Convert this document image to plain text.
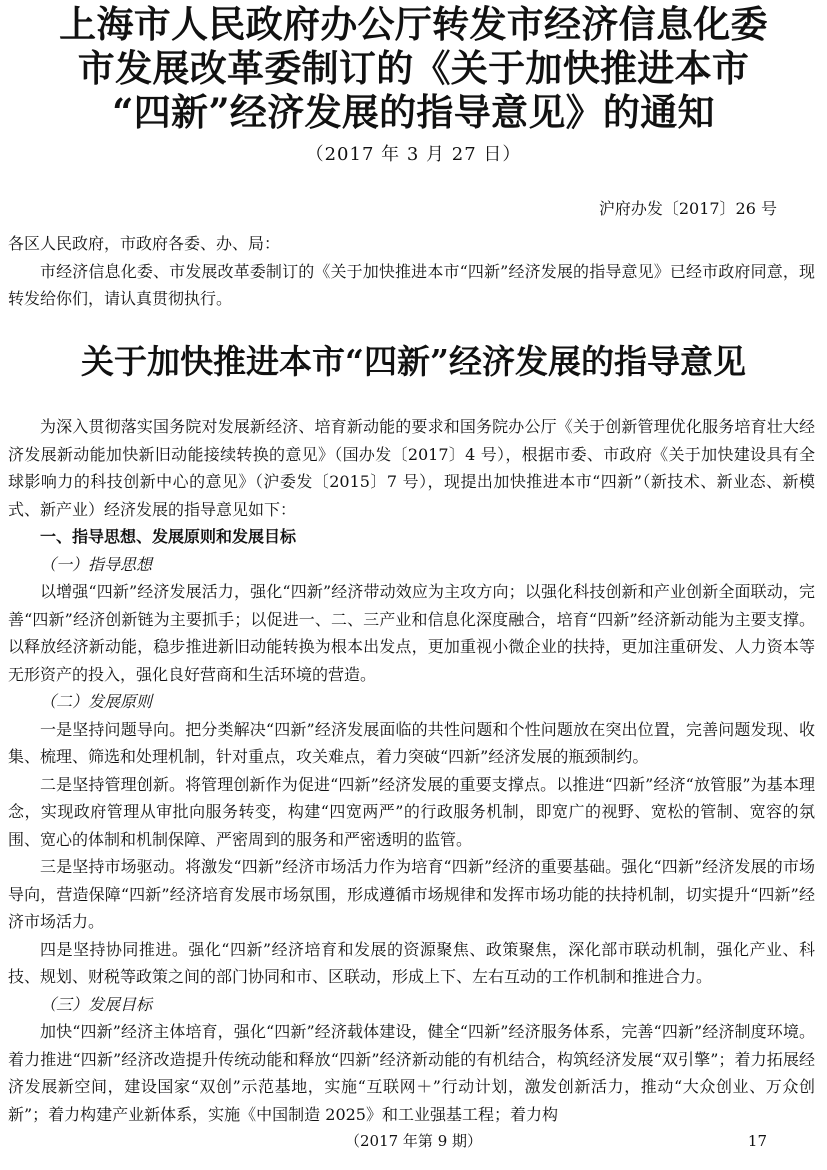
上海市人民政府办公厅转发市经济信息化委
市发展改革委制订的《关于加快推进本市
“四新”经济发展的指导意见》的通知
（2017 年 3 月 27 日）
沪府办发〔2017〕26 号

各区人民政府，市政府各委、办、局：

市经济信息化委、市发展改革委制订的《关于加快推进本市“四新”经济发展的指导意见》已经市政府同意，现转发给你们，请认真贯彻执行。

关于加快推进本市“四新”经济发展的指导意见

为深入贯彻落实国务院对发展新经济、培育新动能的要求和国务院办公厅《关于创新管理优化服务培育壮大经济发展新动能加快新旧动能接续转换的意见》（国办发〔2017〕4 号），根据市委、市政府《关于加快建设具有全球影响力的科技创新中心的意见》（沪委发〔2015〕7 号），现提出加快推进本市“四新”（新技术、新业态、新模式、新产业）经济发展的指导意见如下：

一、指导思想、发展原则和发展目标

（一）指导思想

以增强“四新”经济发展活力，强化“四新”经济带动效应为主攻方向；以强化科技创新和产业创新全面联动，完善“四新”经济创新链为主要抓手；以促进一、二、三产业和信息化深度融合，培育“四新”经济新动能为主要支撑。以释放经济新动能，稳步推进新旧动能转换为根本出发点，更加重视小微企业的扶持，更加注重研发、人力资本等无形资产的投入，强化良好营商和生活环境的营造。

（二）发展原则

一是坚持问题导向。把分类解决“四新”经济发展面临的共性问题和个性问题放在突出位置，完善问题发现、收集、梳理、筛选和处理机制，针对重点，攻关难点，着力突破“四新”经济发展的瓶颈制约。

二是坚持管理创新。将管理创新作为促进“四新”经济发展的重要支撑点。以推进“四新”经济“放管服”为基本理念，实现政府管理从审批向服务转变，构建“四宽两严”的行政服务机制，即宽广的视野、宽松的管制、宽容的氛围、宽心的体制和机制保障、严密周到的服务和严密透明的监管。

三是坚持市场驱动。将激发“四新”经济市场活力作为培育“四新”经济的重要基础。强化“四新”经济发展的市场导向，营造保障“四新”经济培育发展市场氛围，形成遵循市场规律和发挥市场功能的扶持机制，切实提升“四新”经济市场活力。

四是坚持协同推进。强化“四新”经济培育和发展的资源聚焦、政策聚焦，深化部市联动机制，强化产业、科技、规划、财税等政策之间的部门协同和市、区联动，形成上下、左右互动的工作机制和推进合力。

（三）发展目标

加快“四新”经济主体培育，强化“四新”经济载体建设，健全“四新”经济服务体系，完善“四新”经济制度环境。着力推进“四新”经济改造提升传统动能和释放“四新”经济新动能的有机结合，构筑经济发展“双引擎”；着力拓展经济发展新空间，建设国家“双创”示范基地，实施“互联网＋”行动计划，激发创新活力，推动“大众创业、万众创新”；着力构建产业新体系，实施《中国制造 2025》和工业强基工程；着力构

（2017 年第 9 期）	17
